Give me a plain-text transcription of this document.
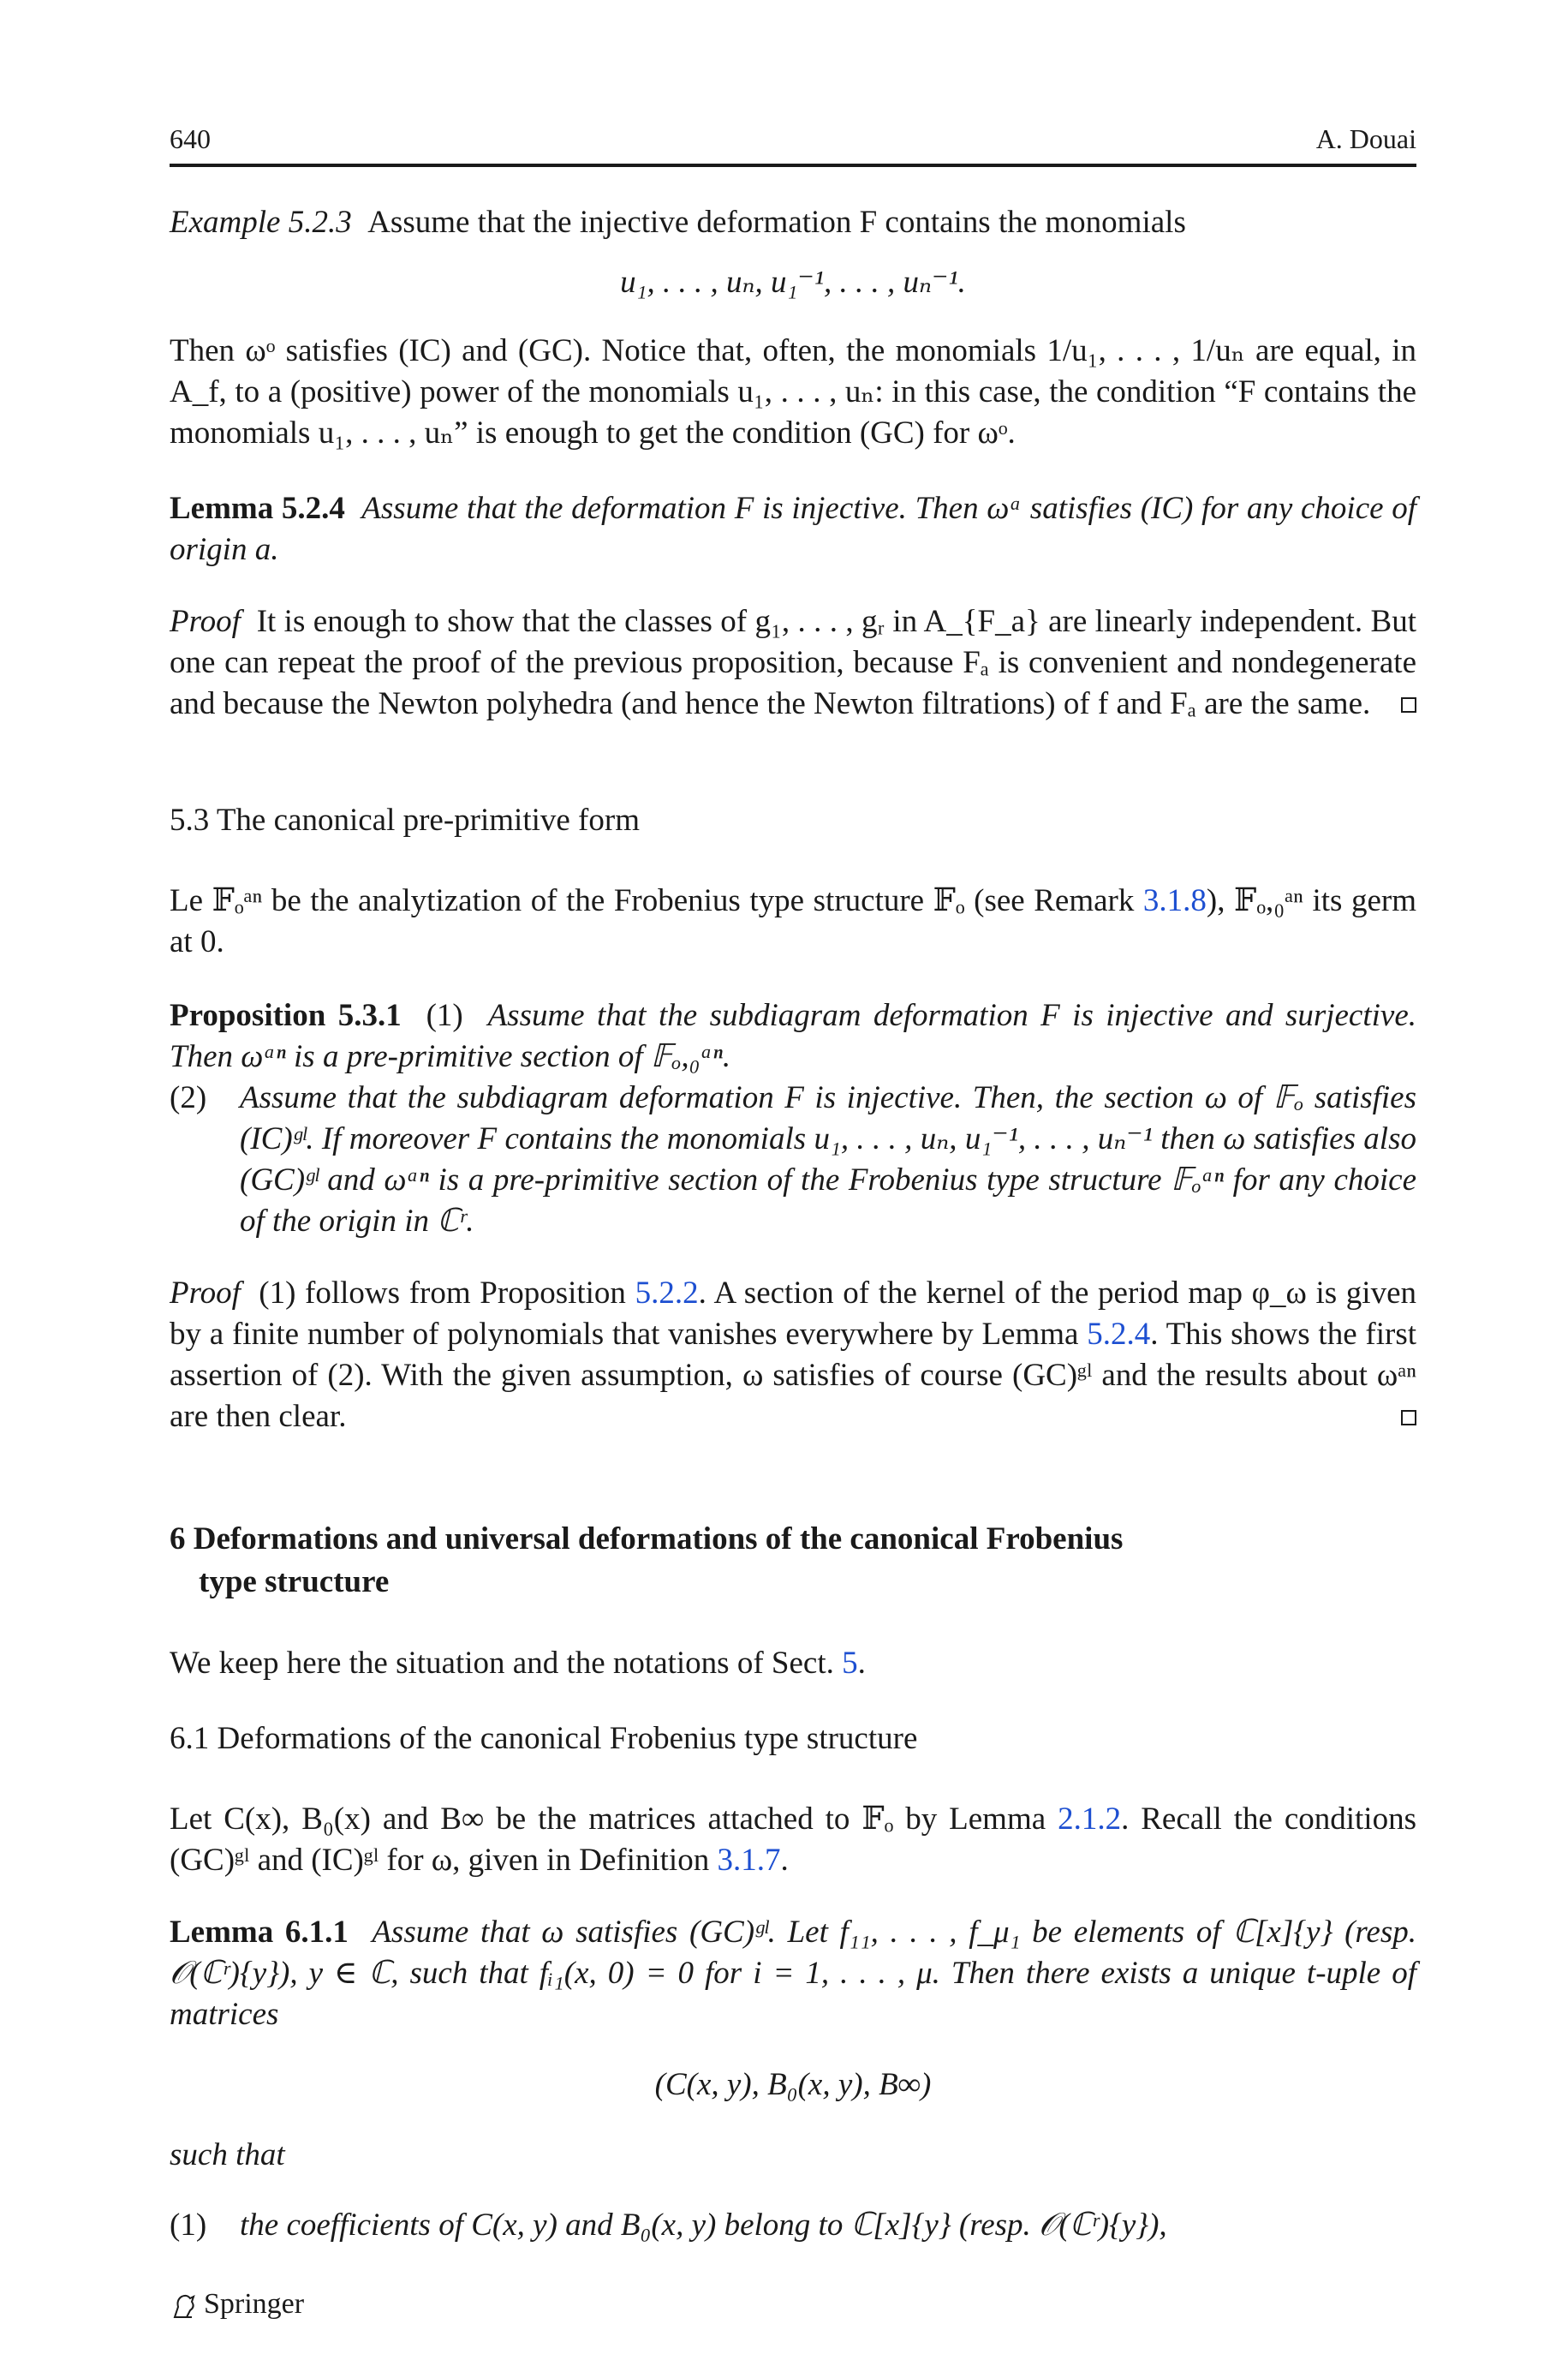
640	A. Douai

Example 5.2.3 Assume that the injective deformation F contains the monomials

u₁, . . . , uₙ, u₁⁻¹, . . . , uₙ⁻¹.

Then ωᵒ satisfies (IC) and (GC). Notice that, often, the monomials 1/u₁, . . . , 1/uₙ are equal, in A_f, to a (positive) power of the monomials u₁, . . . , uₙ: in this case, the condition “F contains the monomials u₁, . . . , uₙ” is enough to get the condition (GC) for ωᵒ.

Lemma 5.2.4 Assume that the deformation F is injective. Then ωᵃ satisfies (IC) for any choice of origin a.

Proof It is enough to show that the classes of g₁, . . . , gᵣ in A_{F_a} are linearly independent. But one can repeat the proof of the previous proposition, because Fₐ is convenient and nondegenerate and because the Newton polyhedra (and hence the Newton filtrations) of f and Fₐ are the same.

5.3 The canonical pre-primitive form

Le 𝔽ₒᵃⁿ be the analytization of the Frobenius type structure 𝔽ₒ (see Remark 3.1.8), 𝔽ₒ,₀ᵃⁿ its germ at 0.

Proposition 5.3.1 (1) Assume that the subdiagram deformation F is injective and surjective. Then ωᵃⁿ is a pre-primitive section of 𝔽ₒ,₀ᵃⁿ.

(2) Assume that the subdiagram deformation F is injective. Then, the section ω of 𝔽ₒ satisfies (IC)ᵍˡ. If moreover F contains the monomials u₁, . . . , uₙ, u₁⁻¹, . . . , uₙ⁻¹ then ω satisfies also (GC)ᵍˡ and ωᵃⁿ is a pre-primitive section of the Frobenius type structure 𝔽ₒᵃⁿ for any choice of the origin in ℂʳ.

Proof (1) follows from Proposition 5.2.2. A section of the kernel of the period map φ_ω is given by a finite number of polynomials that vanishes everywhere by Lemma 5.2.4. This shows the first assertion of (2). With the given assumption, ω satisfies of course (GC)ᵍˡ and the results about ωᵃⁿ are then clear.

6 Deformations and universal deformations of the canonical Frobenius

type structure

We keep here the situation and the notations of Sect. 5.

6.1 Deformations of the canonical Frobenius type structure

Let C(x), B₀(x) and B∞ be the matrices attached to 𝔽ₒ by Lemma 2.1.2. Recall the conditions (GC)ᵍˡ and (IC)ᵍˡ for ω, given in Definition 3.1.7.

Lemma 6.1.1 Assume that ω satisfies (GC)ᵍˡ. Let f₁₁, . . . , f_μ₁ be elements of ℂ[x]{y} (resp. 𝒪(ℂʳ){y}), y ∈ ℂ, such that fᵢ₁(x, 0) = 0 for i = 1, . . . , μ. Then there exists a unique t-uple of matrices

(C(x, y), B₀(x, y), B∞)

such that

(1) the coefficients of C(x, y) and B₀(x, y) belong to ℂ[x]{y} (resp. 𝒪(ℂʳ){y}),
Springer
